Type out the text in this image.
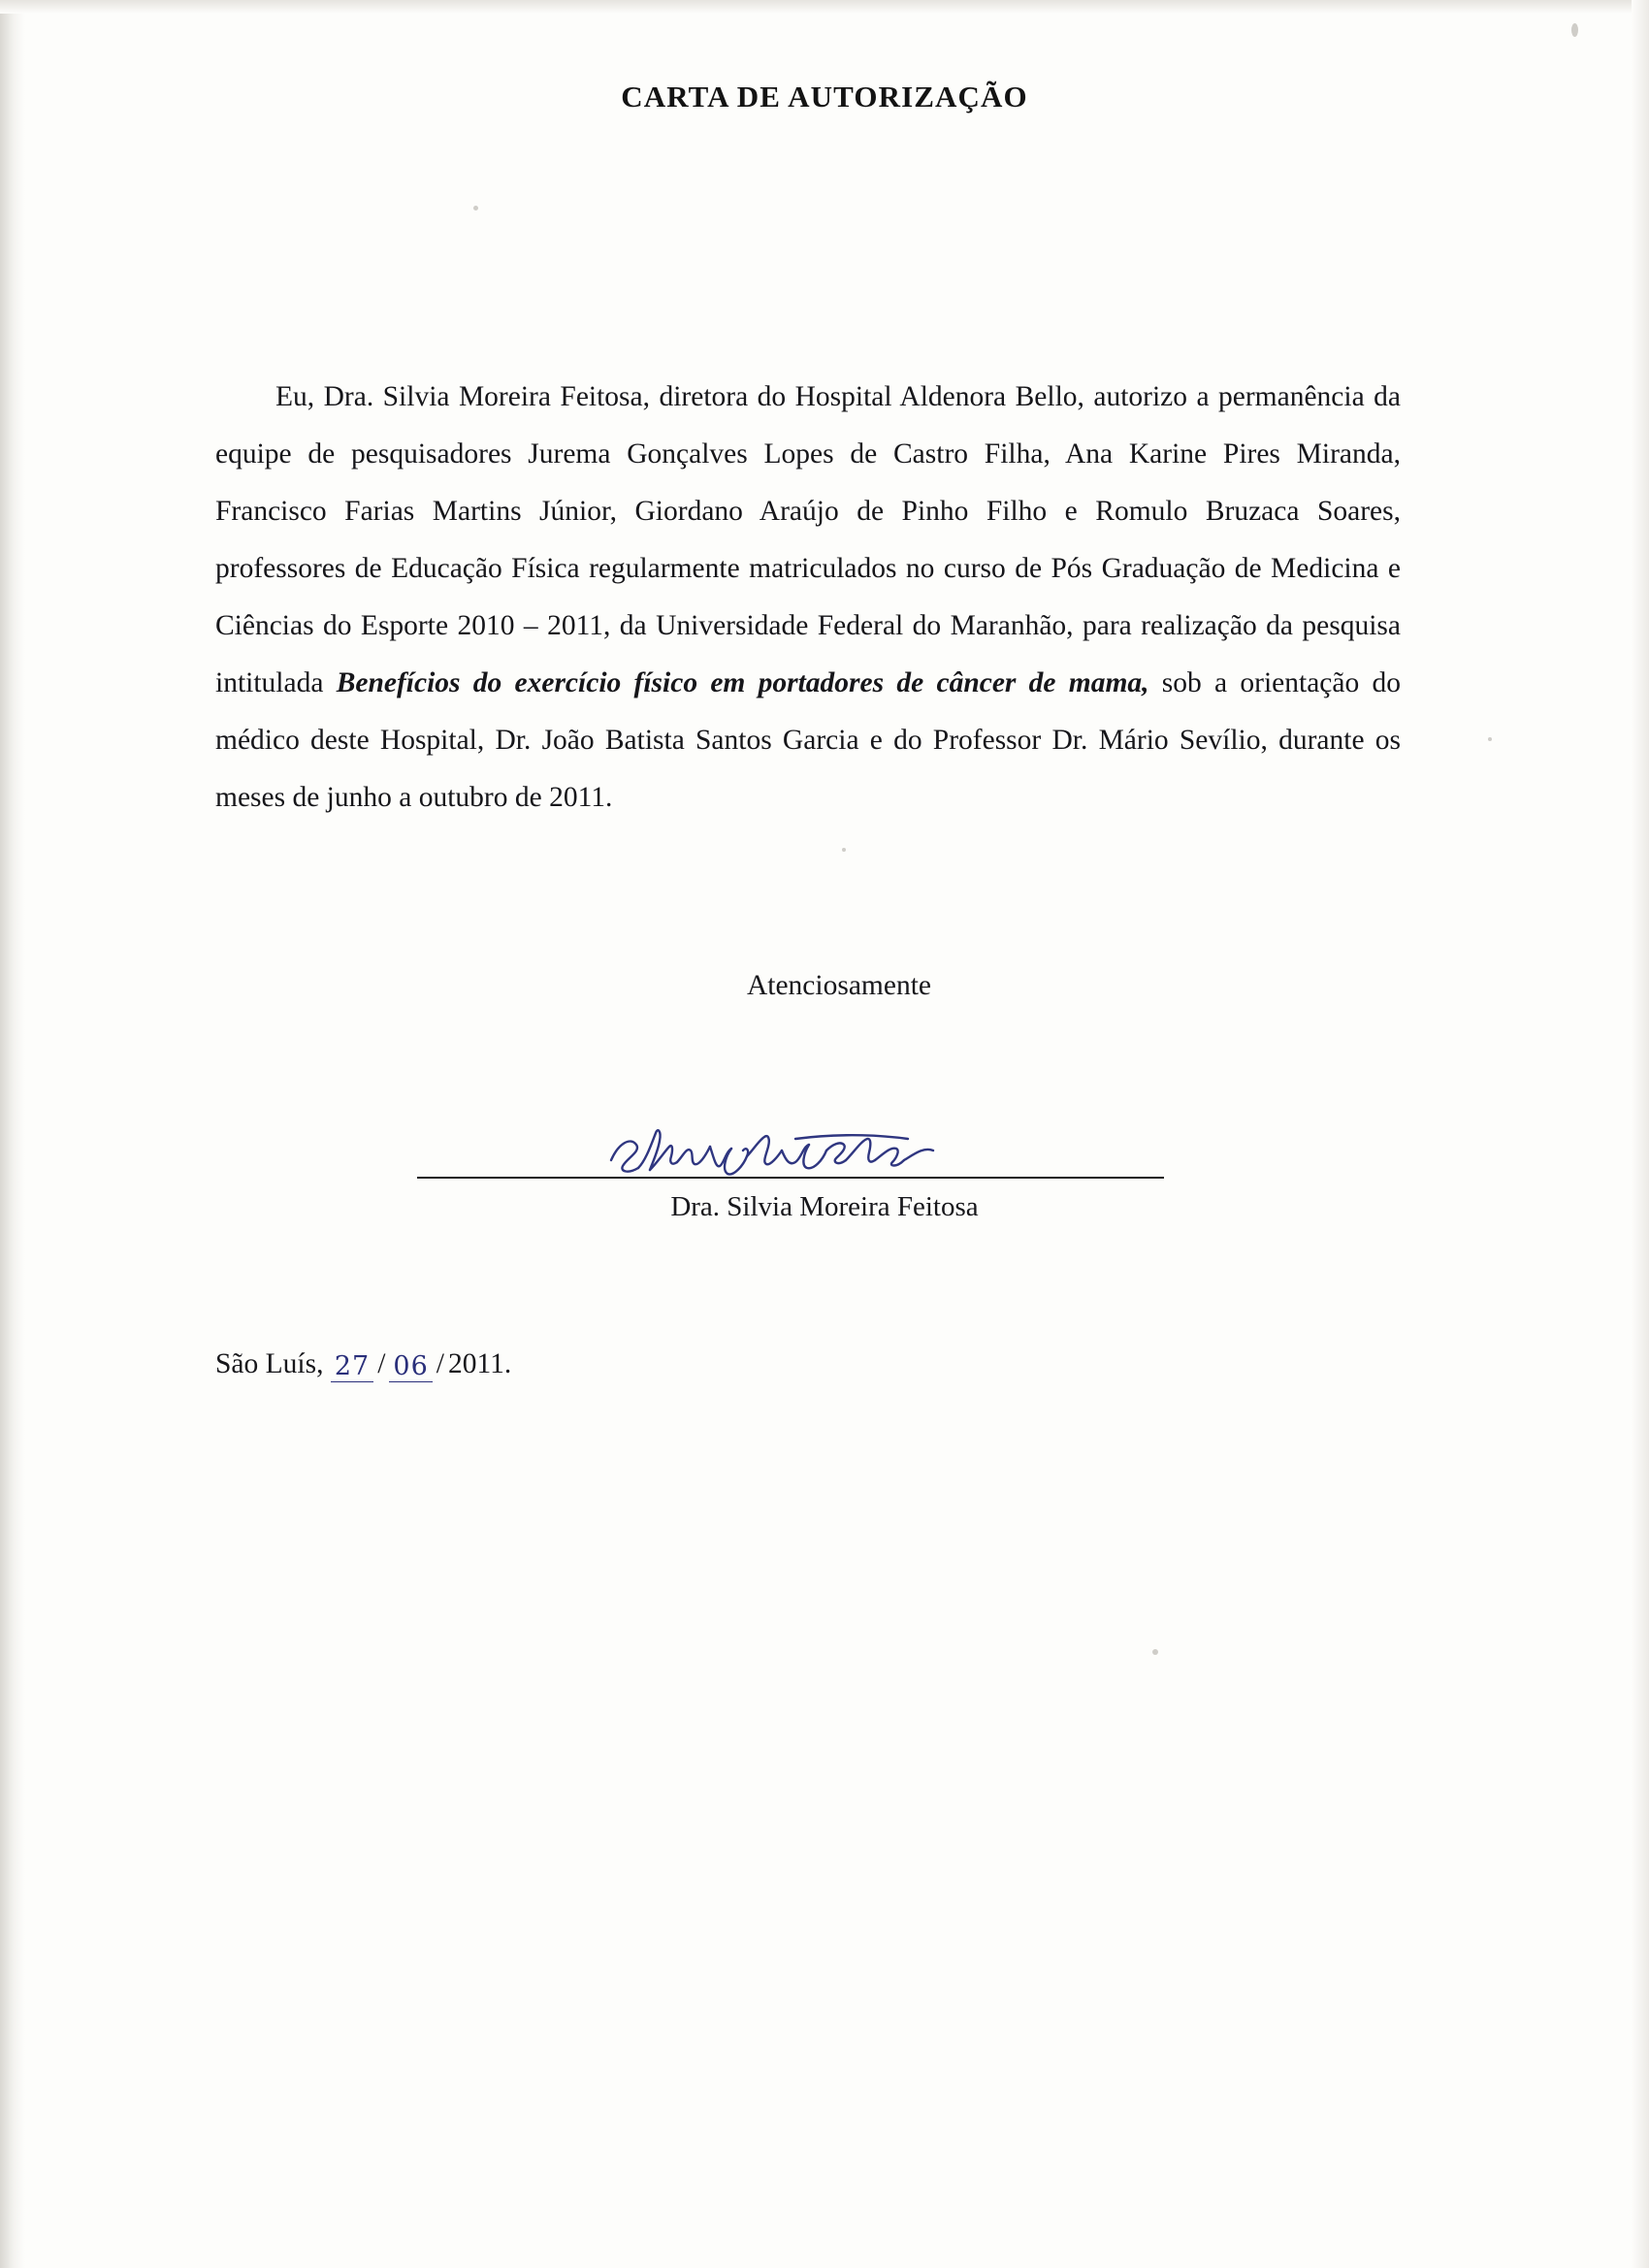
CARTA DE AUTORIZAÇÃO
Eu, Dra. Silvia Moreira Feitosa, diretora do Hospital Aldenora Bello, autorizo a permanência da equipe de pesquisadores Jurema Gonçalves Lopes de Castro Filha, Ana Karine Pires Miranda, Francisco Farias Martins Júnior, Giordano Araújo de Pinho Filho e Romulo Bruzaca Soares, professores de Educação Física regularmente matriculados no curso de Pós Graduação de Medicina e Ciências do Esporte 2010 – 2011, da Universidade Federal do Maranhão, para realização da pesquisa intitulada Benefícios do exercício físico em portadores de câncer de mama, sob a orientação do médico deste Hospital, Dr. João Batista Santos Garcia e do Professor Dr. Mário Sevílio, durante os meses de junho a outubro de 2011.
Atenciosamente
Dra. Silvia Moreira Feitosa
São Luís, 27 / 06 / 2011.
